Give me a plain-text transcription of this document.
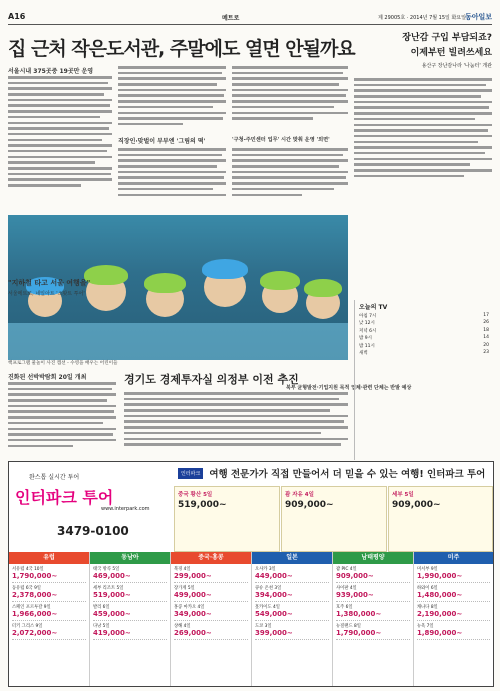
A16	메트로	제 29005호 · 2014년 7월 15일 화요일
동아일보
집 근처 작은도서관, 주말에도 열면 안될까요
서울시내 375곳중 19곳만 운영
직장인·맞벌이 부부엔 '그림의 떡'	'구청-주민센터 업무' 시간 맞춰 운영 '외면'
장난감 구입 부담되죠?
이제부턴 빌려쓰세요
용산구 장난감나라 '나눔터' 개관
핵프로그램 물놀이 사진 캡션 - 수영을 배우는 어린이들
"지하철 타고 서울 여행을"
서울메트로, 네일아트 '스팟트 투어'
경기도 경제투자실 의정부 이전 추진
북부 균형발전·기업지원 목적 업체·관련 단체는 반발 예상
진화된 선박박람회 20일 개최
오늘의 TV
아침 7시	17
낮 12시	26
저녁 6시	18
밤 9시	14
밤 11시	20
새벽	23
완스톱 실시간 투어
인터파크 투어
www.interpark.com
3479-0100
인터파크 여행 전문가가 직접 만들어서 더 믿을 수 있는 여행! 인터파크 투어
중국 황산 5일
519,000~
괌 자유 4일
909,000~
세부 5일
909,000~
유럽
서유럽 4국 10일
1,790,000~
동유럽 6국 9일
2,378,000~
스페인 포르투갈 9일
1,966,000~
터키 그리스 9일
2,072,000~
동남아
태국 방콕 5일
469,000~
세부 리조트 5일
519,000~
발리 6일
459,000~
다낭 5일
419,000~
중국·홍콩
북경 4일
299,000~
장가계 5일
499,000~
홍콩 마카오 4일
349,000~
상해 4일
269,000~
일본
오사카 3일
449,000~
큐슈 온천 3일
394,000~
훗카이도 4일
549,000~
도쿄 3일
399,000~
남태평양
괌 PIC 4일
909,000~
사이판 4일
939,000~
호주 6일
1,380,000~
뉴질랜드 8일
1,790,000~
미주
미서부 9일
1,990,000~
하와이 6일
1,480,000~
캐나다 8일
2,190,000~
뉴욕 7일
1,890,000~
